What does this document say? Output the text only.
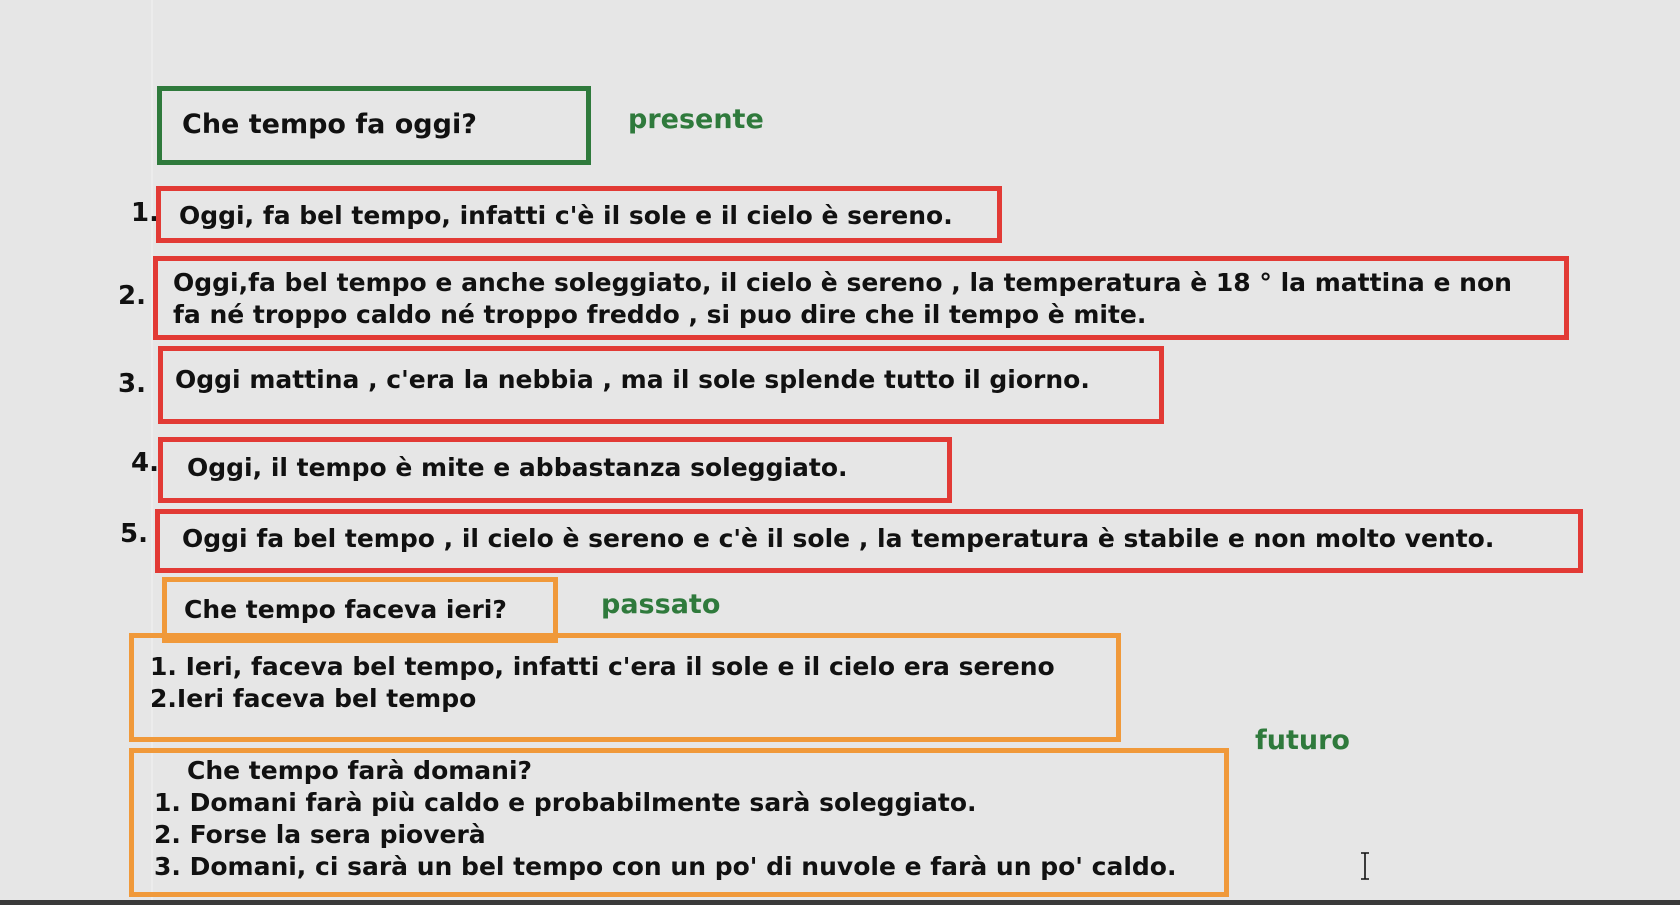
Che tempo fa oggi?	presente
1. Oggi, fa bel tempo, infatti c'è il sole e il cielo è sereno.
2. Oggi,fa bel tempo e anche soleggiato, il cielo è sereno , la temperatura è 18 ° la mattina e non
fa né troppo caldo né troppo freddo , si puo dire che il tempo è mite.
3. Oggi mattina , c'era la nebbia , ma il sole splende tutto il giorno.
4. Oggi, il tempo è mite e abbastanza soleggiato.
5. Oggi fa bel tempo , il cielo è sereno e c'è il sole , la temperatura è stabile e non molto vento.
Che tempo faceva ieri?	passato
1. Ieri, faceva bel tempo, infatti c'era il sole e il cielo era sereno
2.Ieri faceva bel tempo
futuro
Che tempo farà domani?
1. Domani farà più caldo e probabilmente sarà soleggiato.
2. Forse la sera pioverà
3. Domani, ci sarà un bel tempo con un po' di nuvole e farà un po' caldo.
